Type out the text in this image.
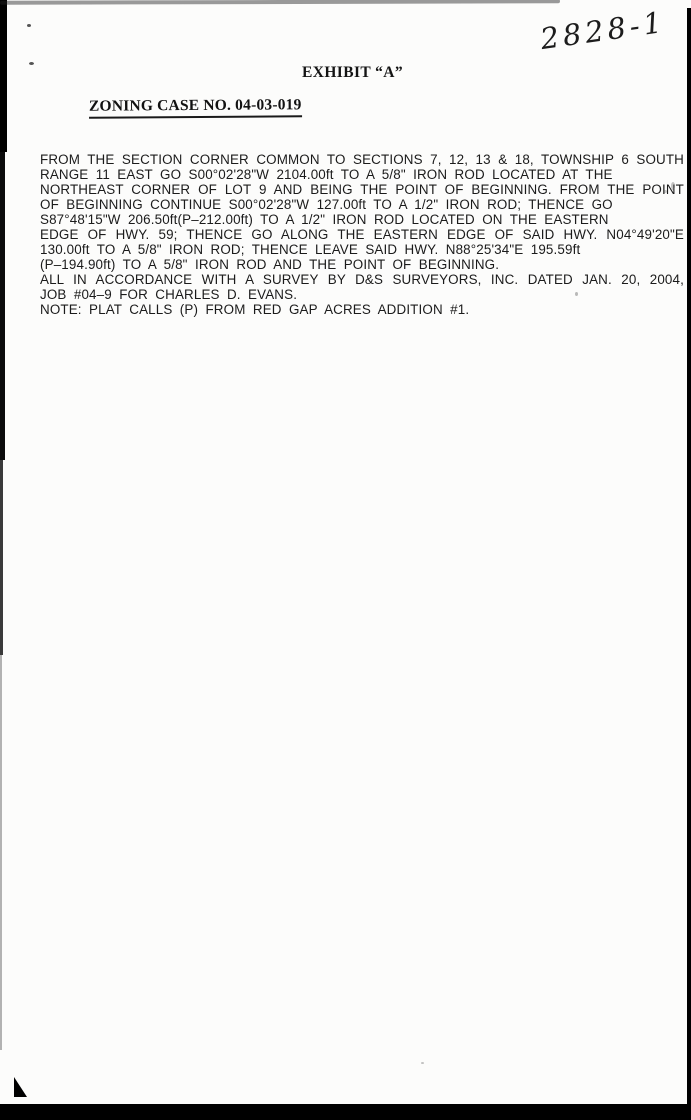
2828-1
EXHIBIT “A”
ZONING CASE NO. 04-03-019
FROM THE SECTION CORNER COMMON TO SECTIONS 7, 12, 13 & 18, TOWNSHIP 6 SOUTH
RANGE 11 EAST GO S00°02'28"W 2104.00ft TO A 5/8" IRON ROD LOCATED AT THE
NORTHEAST CORNER OF LOT 9 AND BEING THE POINT OF BEGINNING. FROM THE POINT
OF BEGINNING CONTINUE S00°02'28"W 127.00ft TO A 1/2" IRON ROD; THENCE GO
S87°48'15"W 206.50ft(P–212.00ft) TO A 1/2" IRON ROD LOCATED ON THE EASTERN
EDGE OF HWY. 59; THENCE GO ALONG THE EASTERN EDGE OF SAID HWY. N04°49'20"E
130.00ft TO A 5/8" IRON ROD; THENCE LEAVE SAID HWY. N88°25'34"E 195.59ft
(P–194.90ft) TO A 5/8" IRON ROD AND THE POINT OF BEGINNING.
ALL IN ACCORDANCE WITH A SURVEY BY D&S SURVEYORS, INC. DATED JAN. 20, 2004,
JOB #04–9 FOR CHARLES D. EVANS.
NOTE: PLAT CALLS (P) FROM RED GAP ACRES ADDITION #1.
